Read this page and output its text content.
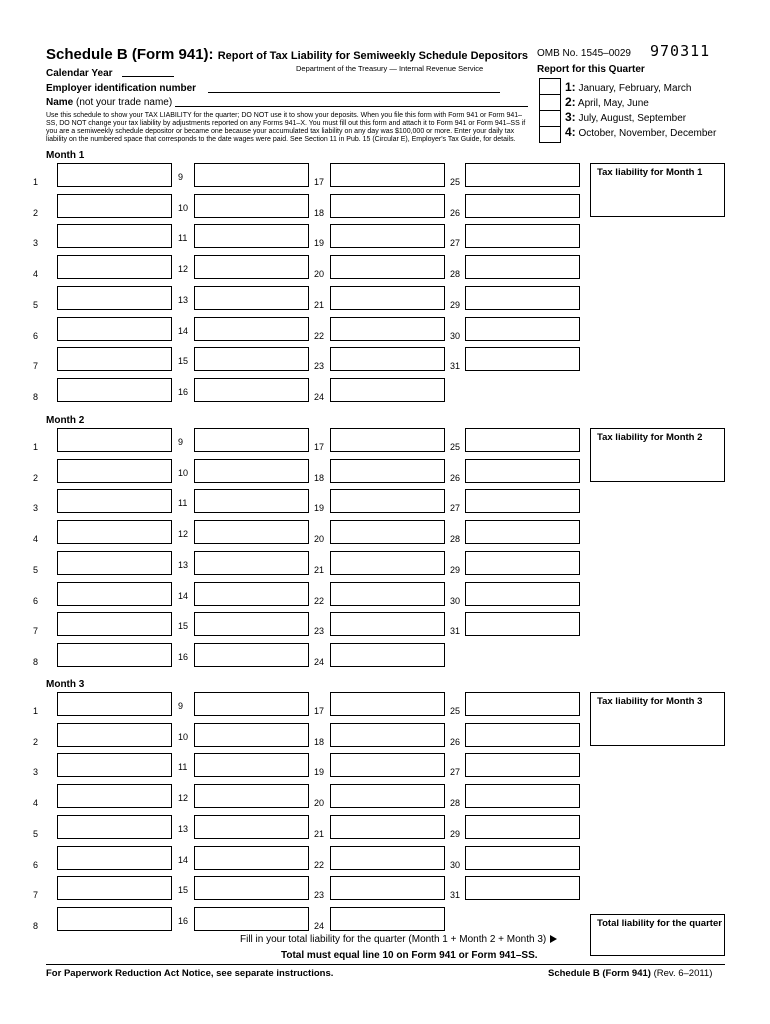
Schedule B (Form 941): Report of Tax Liability for Semiweekly Schedule Depositors
Department of the Treasury — Internal Revenue Service
Calendar Year
Employer identification number
Name (not your trade name)
OMB No. 1545–0029 970311
Report for this Quarter
1: January, February, March
2: April, May, June
3: July, August, September
4: October, November, December
Use this schedule to show your TAX LIABILITY for the quarter; DO NOT use it to show your deposits. When you file this form with Form 941 or Form 941–SS, DO NOT change your tax liability by adjustments reported on any Forms 941–X. You must fill out this form and attach it to Form 941 or Form 941–SS if you are a semiweekly schedule depositor or became one because your accumulated tax liability on any day was $100,000 or more. Enter your daily tax liability on the numbered space that corresponds to the date wages were paid. See Section 11 in Pub. 15 (Circular E), Employer's Tax Guide, for details.
Month 1
1
2
3
4
5
6
7
8
9
10
11
12
13
14
15
16
17
18
19
20
21
22
23
24
25
26
27
28
29
30
31
Tax liability for Month 1
Month 2
1
2
3
4
5
6
7
8
9
10
11
12
13
14
15
16
17
18
19
20
21
22
23
24
25
26
27
28
29
30
31
Tax liability for Month 2
Month 3
1
2
3
4
5
6
7
8
9
10
11
12
13
14
15
16
17
18
19
20
21
22
23
24
25
26
27
28
29
30
31
Tax liability for Month 3
Total liability for the quarter
Fill in your total liability for the quarter (Month 1 + Month 2 + Month 3)
Total must equal line 10 on Form 941 or Form 941–SS.
For Paperwork Reduction Act Notice, see separate instructions.	Schedule B (Form 941) (Rev. 6–2011)
